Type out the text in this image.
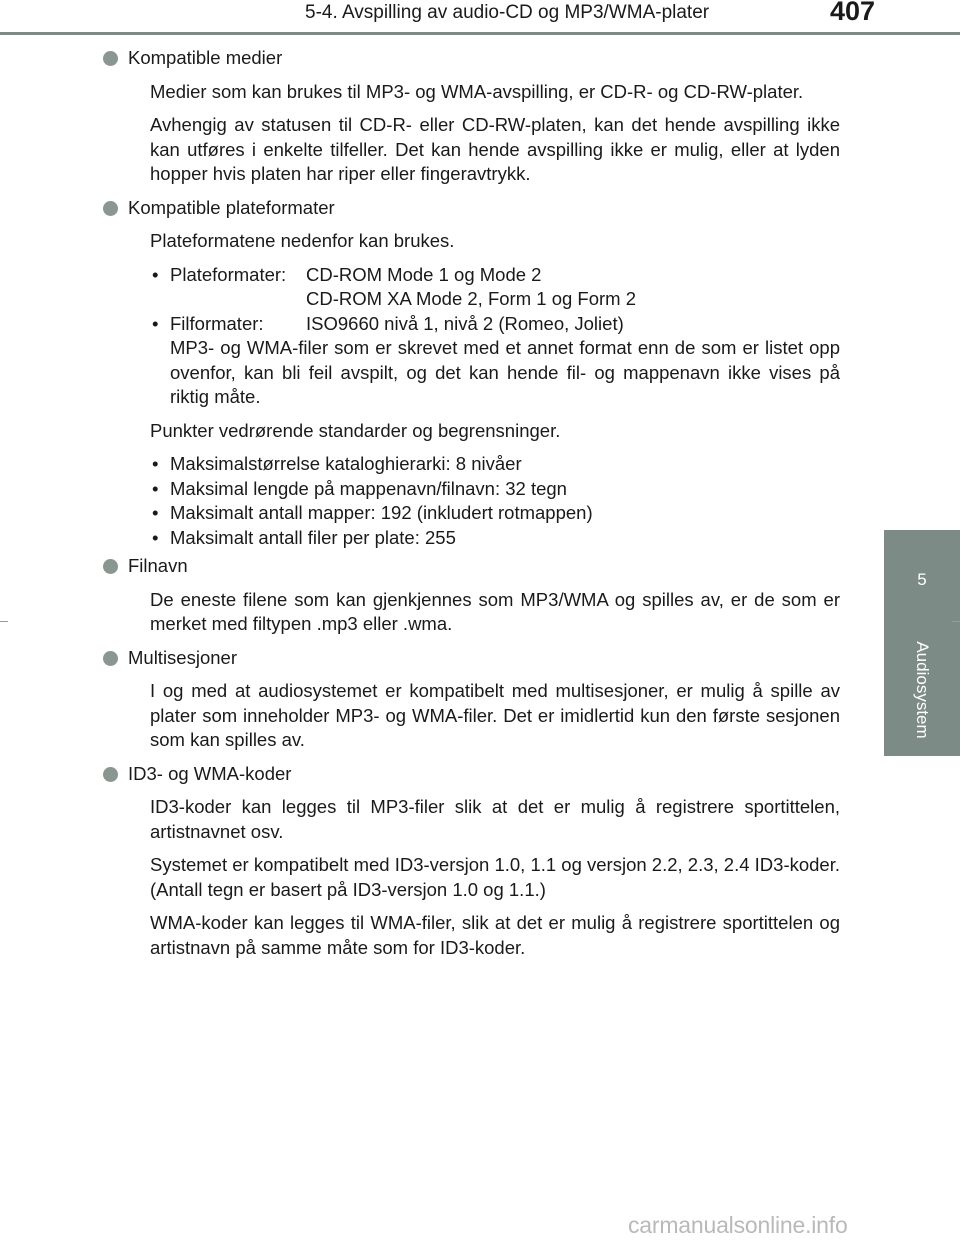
5-4. Avspilling av audio-CD og MP3/WMA-plater	407
5
Audiosystem
Kompatible medier

Medier som kan brukes til MP3- og WMA-avspilling, er CD-R- og CD-RW-plater.

Avhengig av statusen til CD-R- eller CD-RW-platen, kan det hende avspilling ikke kan utføres i enkelte tilfeller. Det kan hende avspilling ikke er mulig, eller at lyden hopper hvis platen har riper eller fingeravtrykk.

Kompatible plateformater

Plateformatene nedenfor kan brukes.

• Plateformater:	CD-ROM Mode 1 og Mode 2
CD-ROM XA Mode 2, Form 1 og Form 2
• Filformater:	ISO9660 nivå 1, nivå 2 (Romeo, Joliet)
MP3- og WMA-filer som er skrevet med et annet format enn de som er listet opp ovenfor, kan bli feil avspilt, og det kan hende fil- og mappenavn ikke vises på riktig måte.

Punkter vedrørende standarder og begrensninger.

• Maksimalstørrelse kataloghierarki: 8 nivåer
• Maksimal lengde på mappenavn/filnavn: 32 tegn
• Maksimalt antall mapper: 192 (inkludert rotmappen)
• Maksimalt antall filer per plate: 255
Filnavn

De eneste filene som kan gjenkjennes som MP3/WMA og spilles av, er de som er merket med filtypen .mp3 eller .wma.

Multisesjoner

I og med at audiosystemet er kompatibelt med multisesjoner, er mulig å spille av plater som inneholder MP3- og WMA-filer. Det er imidlertid kun den første sesjonen som kan spilles av.

ID3- og WMA-koder

ID3-koder kan legges til MP3-filer slik at det er mulig å registrere sportittelen, artistnavnet osv.

Systemet er kompatibelt med ID3-versjon 1.0, 1.1 og versjon 2.2, 2.3, 2.4 ID3-koder. (Antall tegn er basert på ID3-versjon 1.0 og 1.1.)

WMA-koder kan legges til WMA-filer, slik at det er mulig å registrere sportittelen og artistnavn på samme måte som for ID3-koder.

carmanualsonline.info
